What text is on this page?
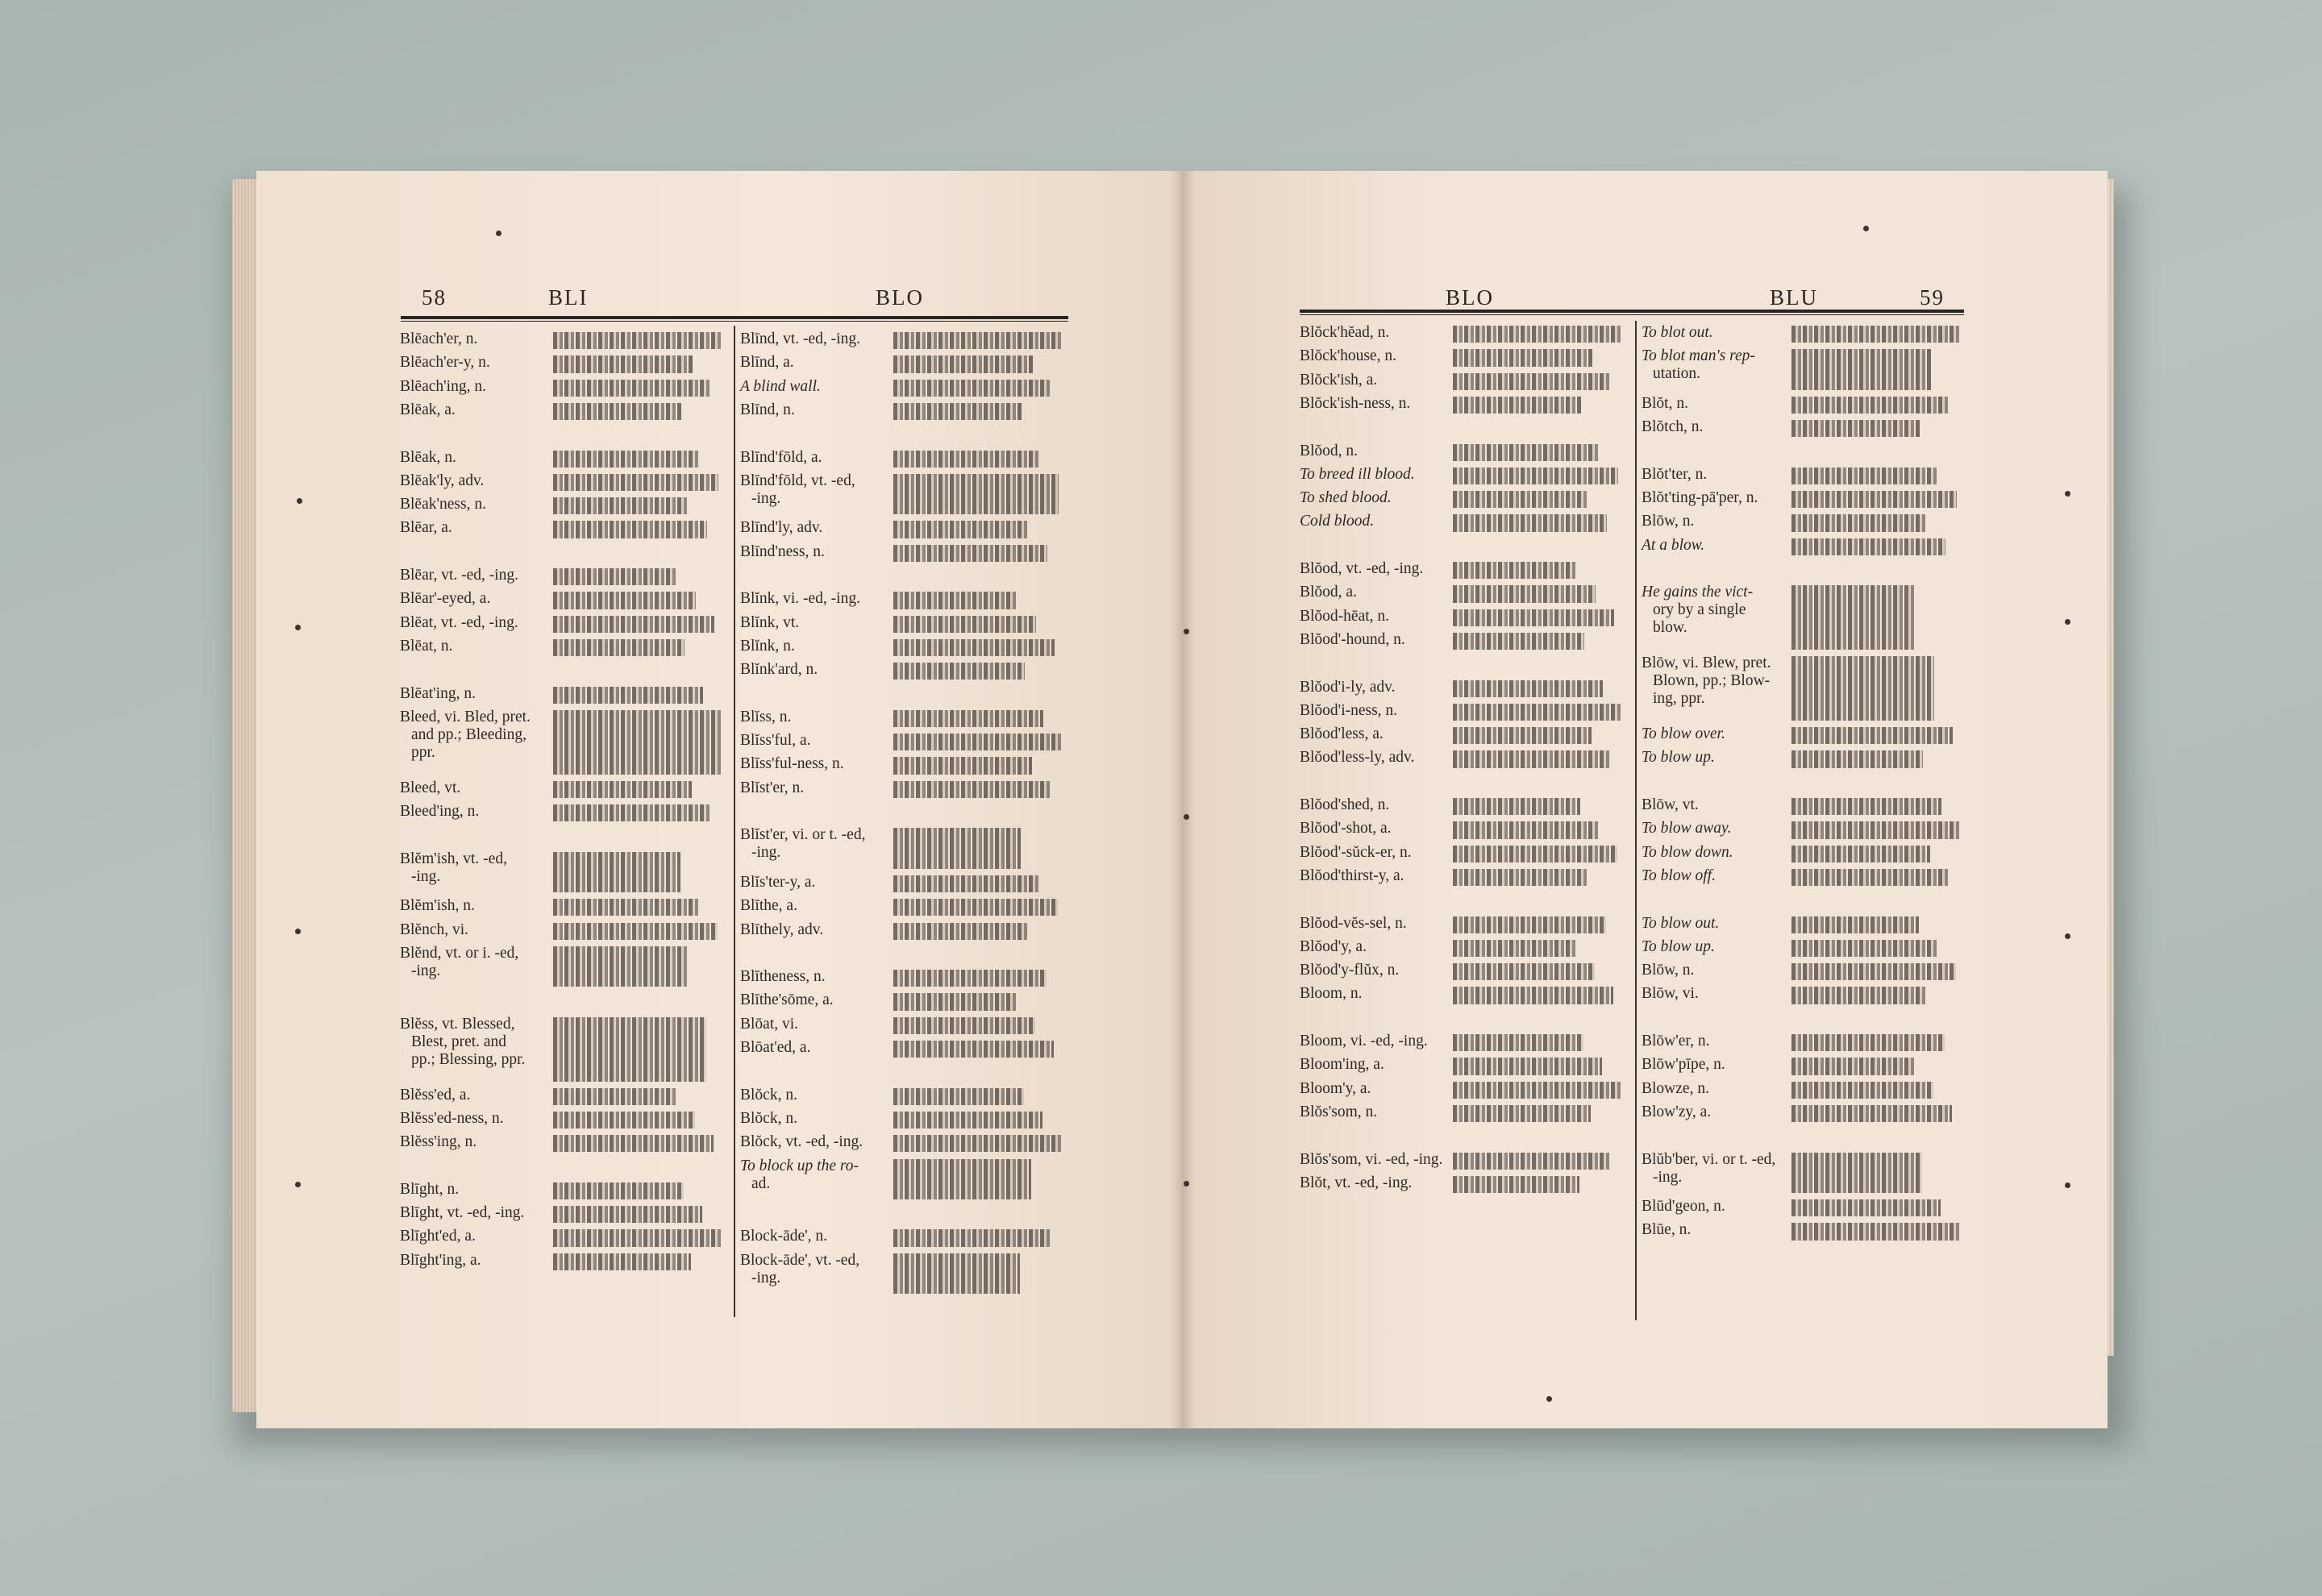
58	BLI	BLO	BLO	BLU	59
Blēach'er, n.
Blēach'er-y, n.
Blēach'ing, n.
Blēak, a.
Blēak, n.
Blēak'ly, adv.
Blēak'ness, n.
Blēar, a.
Blēar, vt. -ed, -ing.
Blēar'-eyed, a.
Blēat, vt. -ed, -ing.
Blēat, n.
Blēat'ing, n.
Bleed, vi. Bled, pret.
and pp.; Bleeding,
ppr.
Bleed, vt.
Bleed'ing, n.
Blĕm'ish, vt. -ed,
-ing.
Blĕm'ish, n.
Blĕnch, vi.
Blĕnd, vt. or i. -ed,
-ing.
Blĕss, vt. Blessed,
Blest, pret. and
pp.; Blessing, ppr.
Blĕss'ed, a.
Blĕss'ed-ness, n.
Blĕss'ing, n.
Blīght, n.
Blīght, vt. -ed, -ing.
Blīght'ed, a.
Blīght'ing, a.
Blīnd, vt. -ed, -ing.
Blīnd, a.
A blind wall.
Blīnd, n.
Blīnd'fōld, a.
Blīnd'fōld, vt. -ed,
-ing.
Blīnd'ly, adv.
Blīnd'ness, n.
Blĭnk, vi. -ed, -ing.
Blĭnk, vt.
Blĭnk, n.
Blĭnk'ard, n.
Blĭss, n.
Blĭss'ful, a.
Blĭss'ful-ness, n.
Blĭst'er, n.
Blĭst'er, vi. or t. -ed,
-ing.
Blĭs'ter-y, a.
Blīthe, a.
Blīthely, adv.
Blītheness, n.
Blīthe'sōme, a.
Blōat, vi.
Blōat'ed, a.
Blŏck, n.
Blŏck, n.
Blŏck, vt. -ed, -ing.
To block up the ro-
ad.
Block-āde', n.
Block-āde', vt. -ed,
-ing.
Blŏck'hĕad, n.
Blŏck'house, n.
Blŏck'ish, a.
Blŏck'ish-ness, n.
Blŏod, n.
To breed ill blood.
To shed blood.
Cold blood.
Blŏod, vt. -ed, -ing.
Blŏod, a.
Blŏod-hēat, n.
Blŏod'-hound, n.
Blŏod'i-ly, adv.
Blŏod'i-ness, n.
Blŏod'less, a.
Blŏod'less-ly, adv.
Blŏod'shed, n.
Blŏod'-shot, a.
Blŏod'-sŭck-er, n.
Blŏod'thirst-y, a.
Blŏod-vĕs-sel, n.
Blŏod'y, a.
Blŏod'y-flŭx, n.
Bloom, n.
Bloom, vi. -ed, -ing.
Bloom'ing, a.
Bloom'y, a.
Blŏs'som, n.
Blŏs'som, vi. -ed, -ing.
Blŏt, vt. -ed, -ing.
To blot out.
To blot man's rep-
utation.
Blŏt, n.
Blŏtch, n.
Blŏt'ter, n.
Blŏt'ting-pā'per, n.
Blōw, n.
At a blow.
He gains the vict-
ory by a single
blow.
Blōw, vi. Blew, pret.
Blown, pp.; Blow-
ing, ppr.
To blow over.
To blow up.
Blōw, vt.
To blow away.
To blow down.
To blow off.
To blow out.
To blow up.
Blōw, n.
Blōw, vi.
Blōw'er, n.
Blōw'pīpe, n.
Blowze, n.
Blow'zy, a.
Blŭb'ber, vi. or t. -ed,
-ing.
Blūd'geon, n.
Blūe, n.
